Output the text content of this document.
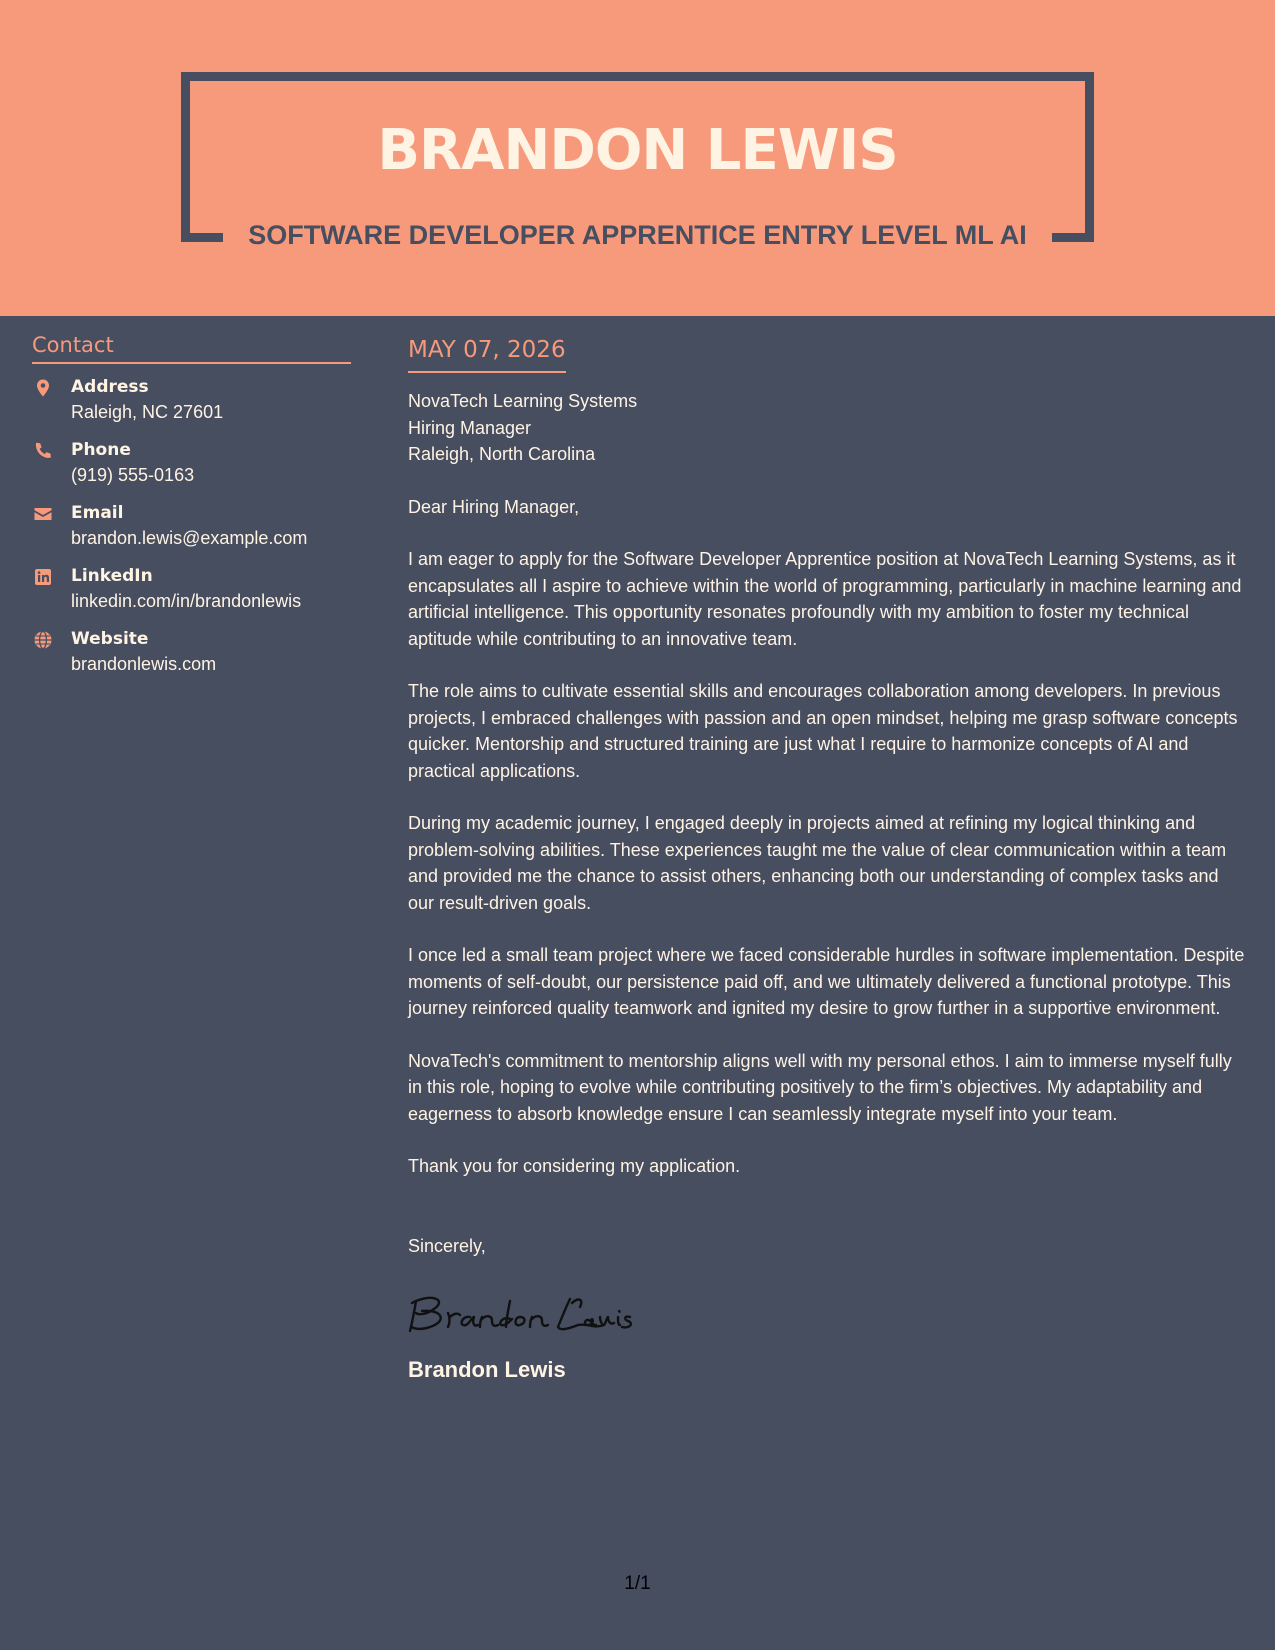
BRANDON LEWIS
SOFTWARE DEVELOPER APPRENTICE ENTRY LEVEL ML AI
Contact
Address
Raleigh, NC 27601
Phone
(919) 555-0163
Email
brandon.lewis@example.com
LinkedIn
linkedin.com/in/brandonlewis
Website
brandonlewis.com
MAY 07, 2026
NovaTech Learning Systems
Hiring Manager
Raleigh, North Carolina
Dear Hiring Manager,

I am eager to apply for the Software Developer Apprentice position at NovaTech Learning Systems, as it encapsulates all I aspire to achieve within the world of programming, particularly in machine learning and artificial intelligence. This opportunity resonates profoundly with my ambition to foster my technical aptitude while contributing to an innovative team.

The role aims to cultivate essential skills and encourages collaboration among developers. In previous projects, I embraced challenges with passion and an open mindset, helping me grasp software concepts quicker. Mentorship and structured training are just what I require to harmonize concepts of AI and practical applications.

During my academic journey, I engaged deeply in projects aimed at refining my logical thinking and problem-solving abilities. These experiences taught me the value of clear communication within a team and provided me the chance to assist others, enhancing both our understanding of complex tasks and our result-driven goals.

I once led a small team project where we faced considerable hurdles in software implementation. Despite moments of self-doubt, our persistence paid off, and we ultimately delivered a functional prototype. This journey reinforced quality teamwork and ignited my desire to grow further in a supportive environment.

NovaTech's commitment to mentorship aligns well with my personal ethos. I aim to immerse myself fully in this role, hoping to evolve while contributing positively to the firm’s objectives. My adaptability and eagerness to absorb knowledge ensure I can seamlessly integrate myself into your team.

Thank you for considering my application.
Sincerely,
Brandon Lewis
1/1
